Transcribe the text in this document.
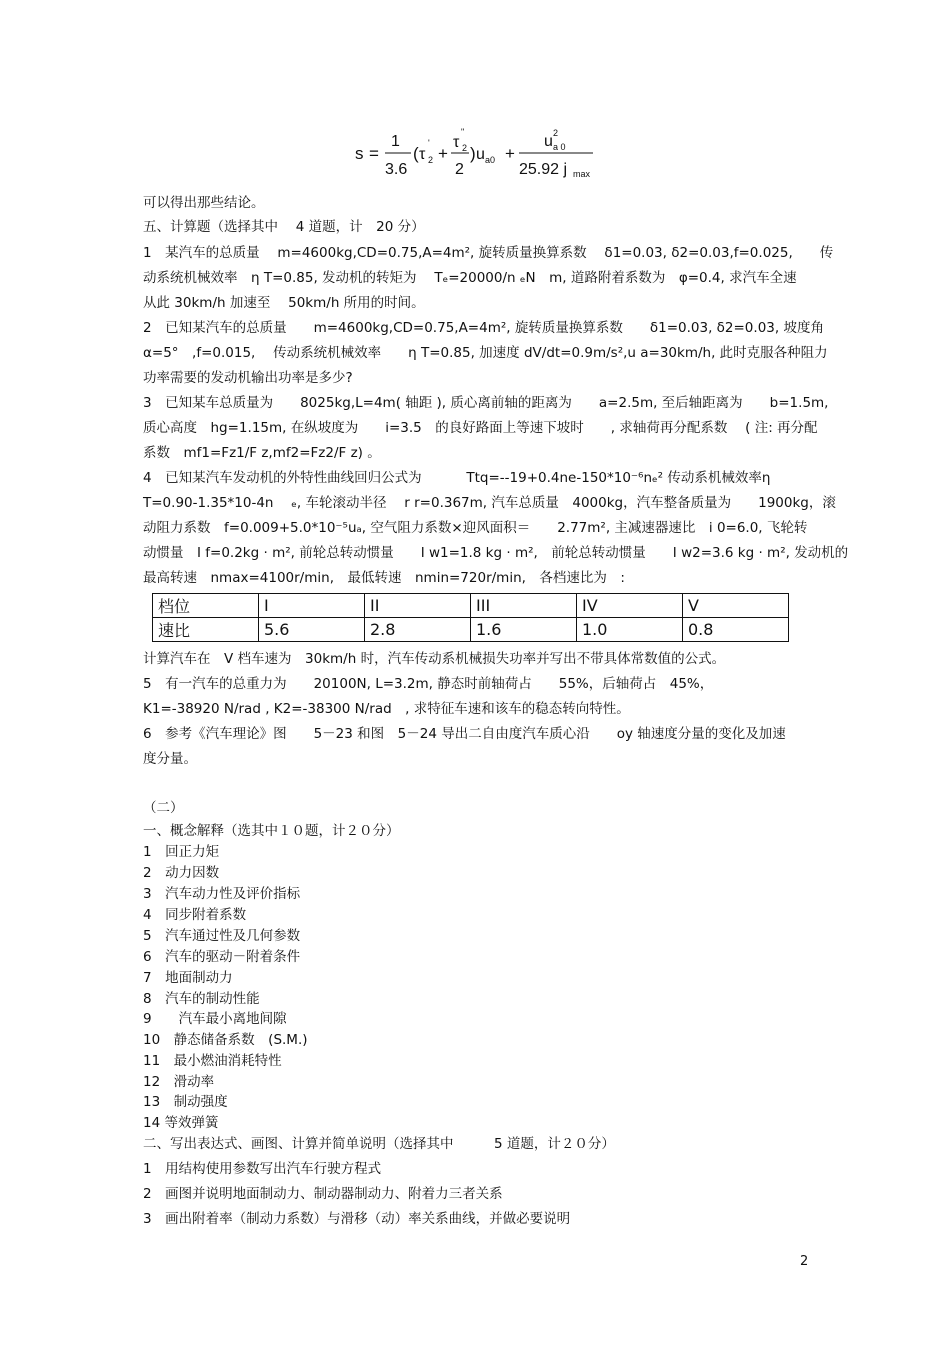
s =
1
3.6
( τ 2
'
+
τ 2
"
2
) u a0 +
u a 0
2
25.92 j max
可以得出那些结论。
五、计算题（选择其中　 4 道题，计　20 分）
1　某汽车的总质量　 m=4600kg,CD=0.75,A=4m², 旋转质量换算系数　 δ1=0.03, δ2=0.03,f=0.025,　　传
动系统机械效率　η T=0.85, 发动机的转矩为　 Tₑ=20000/n ₑN　m, 道路附着系数为　φ=0.4, 求汽车全速
从此 30km/h 加速至　 50km/h 所用的时间。
2　已知某汽车的总质量　　m=4600kg,CD=0.75,A=4m², 旋转质量换算系数　　δ1=0.03, δ2=0.03, 坡度角
α=5°　,f=0.015,　 传动系统机械效率　　η T=0.85, 加速度 dV/dt=0.9m/s²,u a=30km/h, 此时克服各种阻力
功率需要的发动机输出功率是多少?
3　已知某车总质量为　　8025kg,L=4m( 轴距 ), 质心离前轴的距离为　　a=2.5m, 至后轴距离为　　b=1.5m,
质心高度　hg=1.15m, 在纵坡度为　　i=3.5　的良好路面上等速下坡时　　, 求轴荷再分配系数　 ( 注: 再分配
系数　mf1=Fz1/F z,mf2=Fz2/F z) 。
4　已知某汽车发动机的外特性曲线回归公式为　　　 Ttq=--19+0.4ne-150*10⁻⁶nₑ² 传动系机械效率η
T=0.90-1.35*10-4n　 ₑ, 车轮滚动半径　 r r=0.367m, 汽车总质量　4000kg，汽车整备质量为　　1900kg，滚
动阻力系数　f=0.009+5.0*10⁻⁵uₐ, 空气阻力系数×迎风面积＝　　2.77m², 主减速器速比　i 0=6.0, 飞轮转
动惯量　I f=0.2kg · m², 前轮总转动惯量　　I w1=1.8 kg · m²,　前轮总转动惯量　　I w2=3.6 kg · m², 发动机的
最高转速　nmax=4100r/min,　最低转速　nmin=720r/min,　各档速比为　:
档位	I	II	III	IV	V
速比	5.6	2.8	1.6	1.0	0.8
计算汽车在　V 档车速为　30km/h 时，汽车传动系机械损失功率并写出不带具体常数值的公式。
5　有一汽车的总重力为　　20100N, L=3.2m, 静态时前轴荷占　　55%，后轴荷占　45%，
K1=-38920 N/rad , K2=-38300 N/rad　, 求特征车速和该车的稳态转向特性。
6　参考《汽车理论》图　　5－23 和图　5－24 导出二自由度汽车质心沿　　oy 轴速度分量的变化及加速
度分量。
（二）
一、概念解释（选其中１０题，计２０分）
1　回正力矩
2　动力因数
3　汽车动力性及评价指标
4　同步附着系数
5　汽车通过性及几何参数
6　汽车的驱动－附着条件
7　地面制动力
8　汽车的制动性能
9　　汽车最小离地间隙
10　静态储备系数　(S.M.)
11　最小燃油消耗特性
12　滑动率
13　制动强度
14 等效弹簧
二、写出表达式、画图、计算并简单说明（选择其中　　　5 道题，计２０分）
1　用结构使用参数写出汽车行驶方程式
2　画图并说明地面制动力、制动器制动力、附着力三者关系
3　画出附着率（制动力系数）与滑移（动）率关系曲线，并做必要说明
2
